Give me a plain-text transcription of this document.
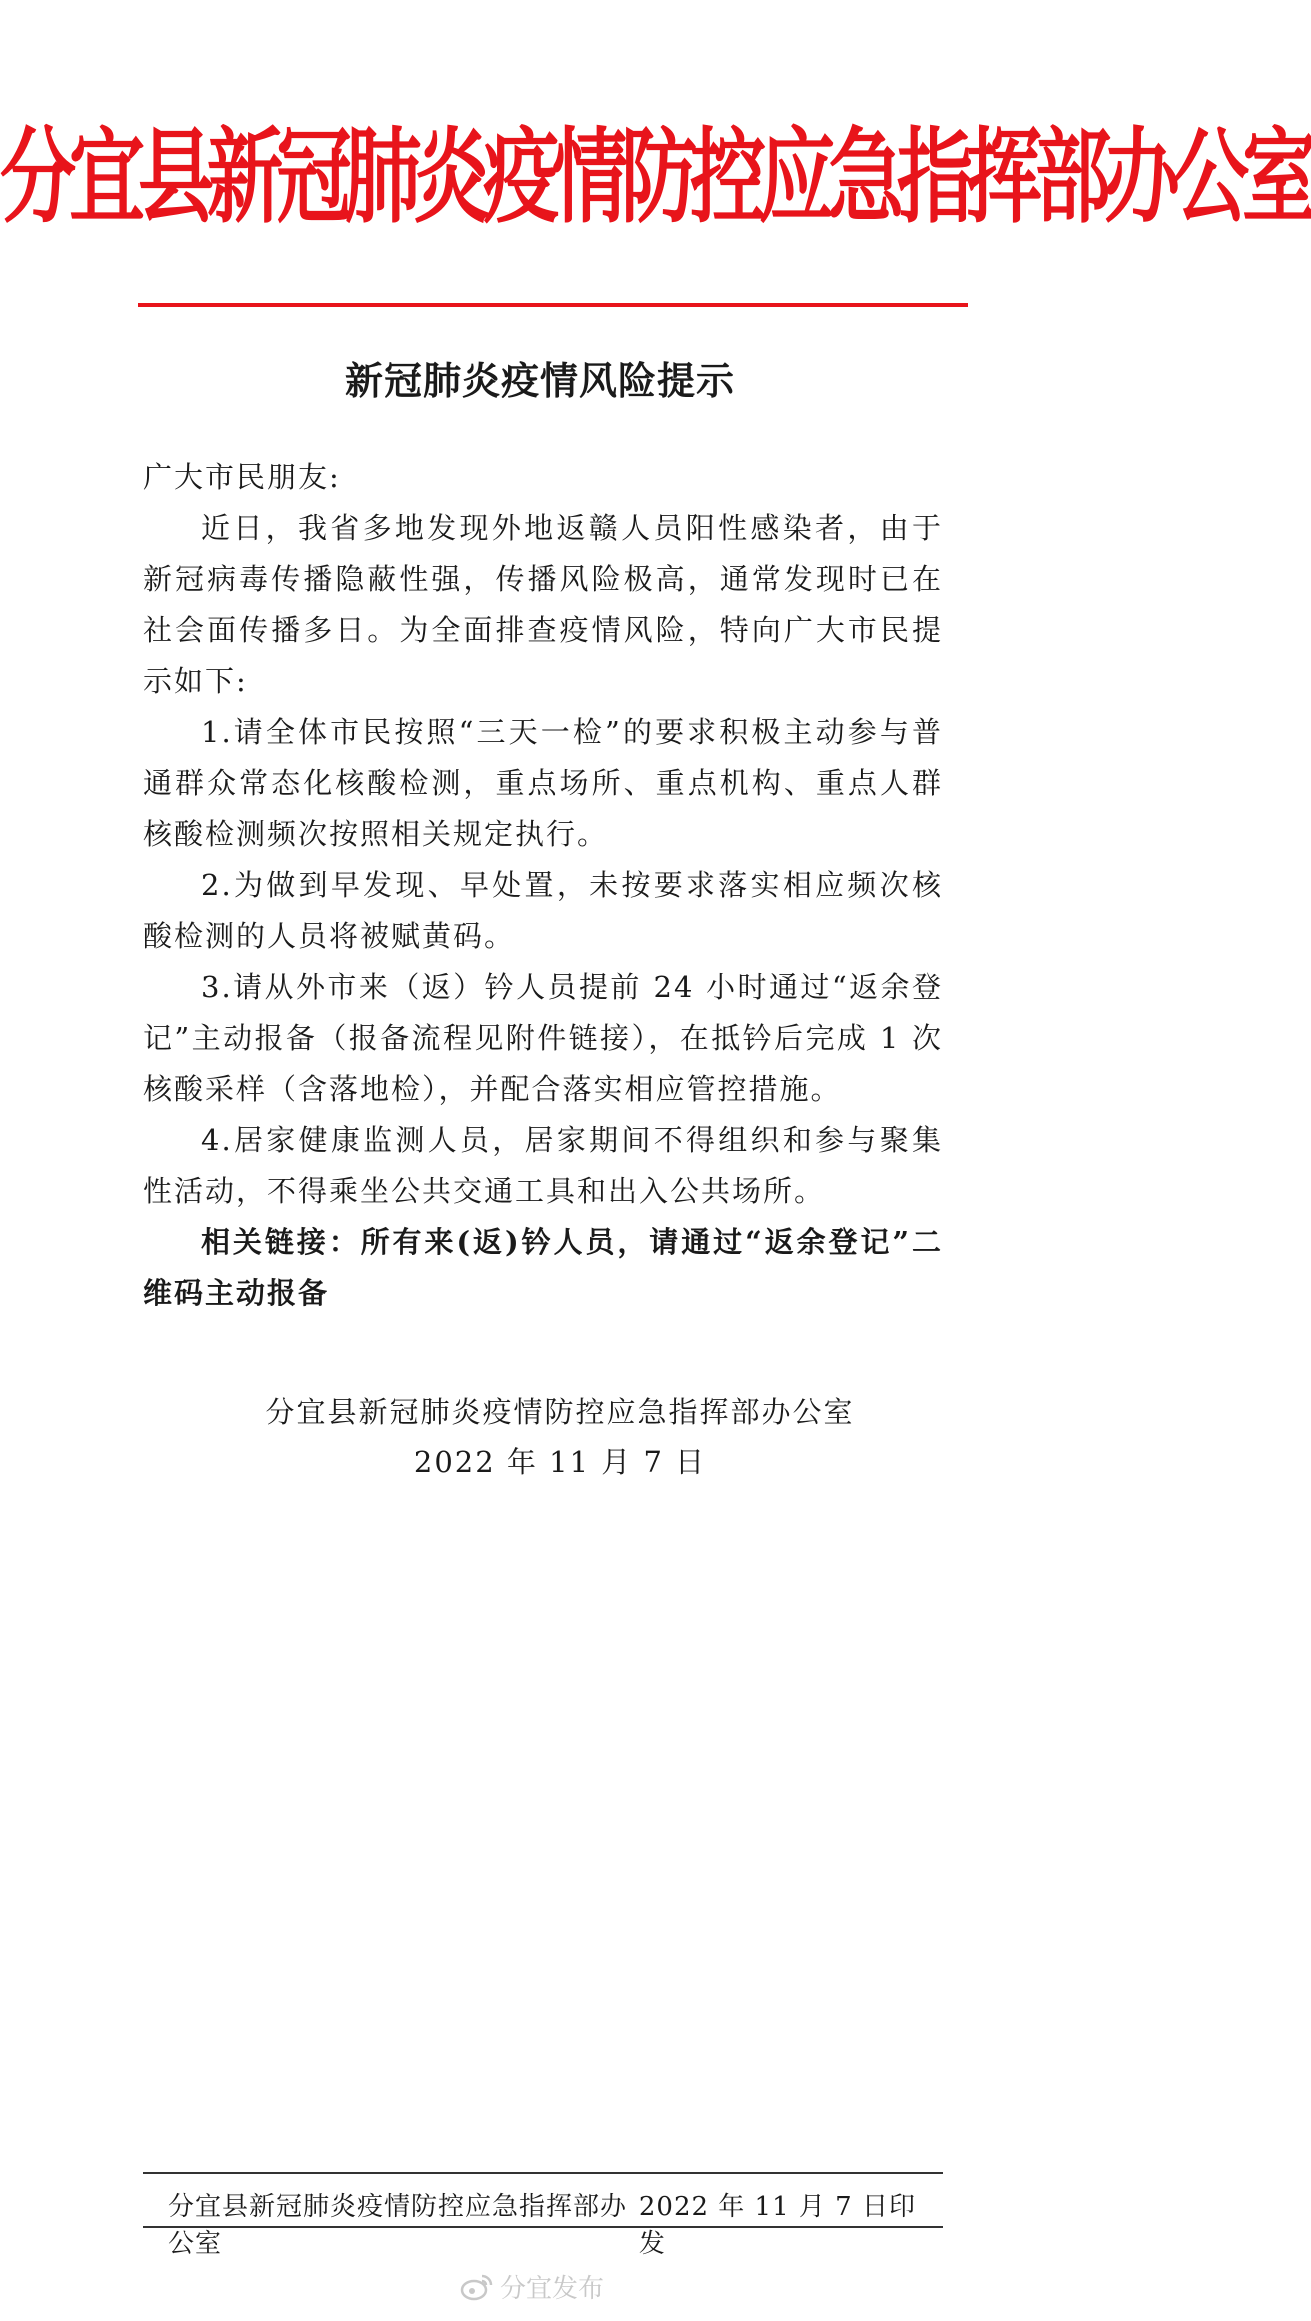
分宜县新冠肺炎疫情防控应急指挥部办公室
新冠肺炎疫情风险提示

广大市民朋友:

近日，我省多地发现外地返赣人员阳性感染者，由于新冠病毒传播隐蔽性强，传播风险极高，通常发现时已在社会面传播多日。为全面排查疫情风险，特向广大市民提示如下:

1.请全体市民按照“三天一检”的要求积极主动参与普通群众常态化核酸检测，重点场所、重点机构、重点人群核酸检测频次按照相关规定执行。

2.为做到早发现、早处置，未按要求落实相应频次核酸检测的人员将被赋黄码。

3.请从外市来（返）钤人员提前 24 小时通过“返余登记”主动报备（报备流程见附件链接），在抵钤后完成 1 次核酸采样（含落地检），并配合落实相应管控措施。

4.居家健康监测人员，居家期间不得组织和参与聚集性活动，不得乘坐公共交通工具和出入公共场所。

相关链接：所有来(返)钤人员，请通过“返余登记”二维码主动报备

分宜县新冠肺炎疫情防控应急指挥部办公室
2022 年 11 月 7 日
分宜县新冠肺炎疫情防控应急指挥部办公室
2022 年 11 月 7 日印发
分宜发布
